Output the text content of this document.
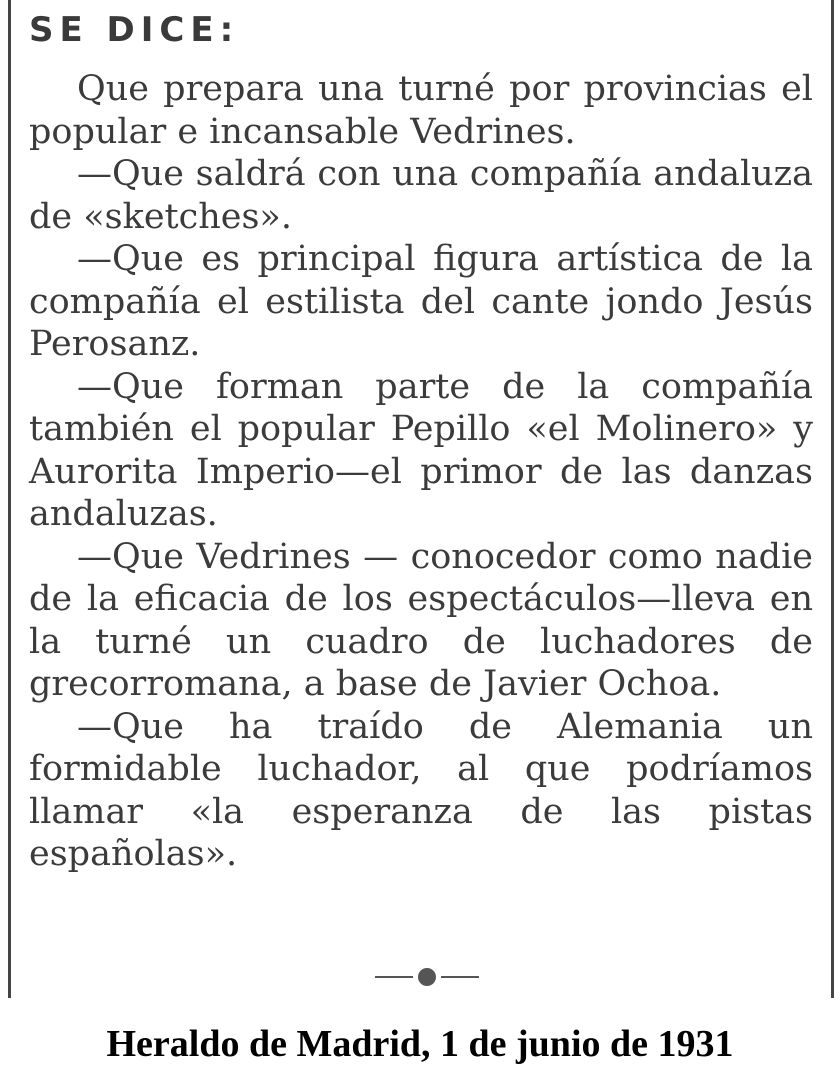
SE DICE:

Que prepara una turné por provincias el popular e incansable Vedrines.

—Que saldrá con una compañía andaluza de «sketches».

—Que es principal figura artística de la compañía el estilista del cante jondo Jesús Perosanz.

—Que forman parte de la compañía también el popular Pepillo «el Molinero» y Aurorita Imperio—el primor de las danzas andaluzas.

—Que Vedrines — conocedor como nadie de la eficacia de los espectáculos—lleva en la turné un cuadro de luchadores de grecorromana, a base de Javier Ochoa.

—Que ha traído de Alemania un formidable luchador, al que podríamos llamar «la esperanza de las pistas españolas».

Heraldo de Madrid, 1 de junio de 1931
